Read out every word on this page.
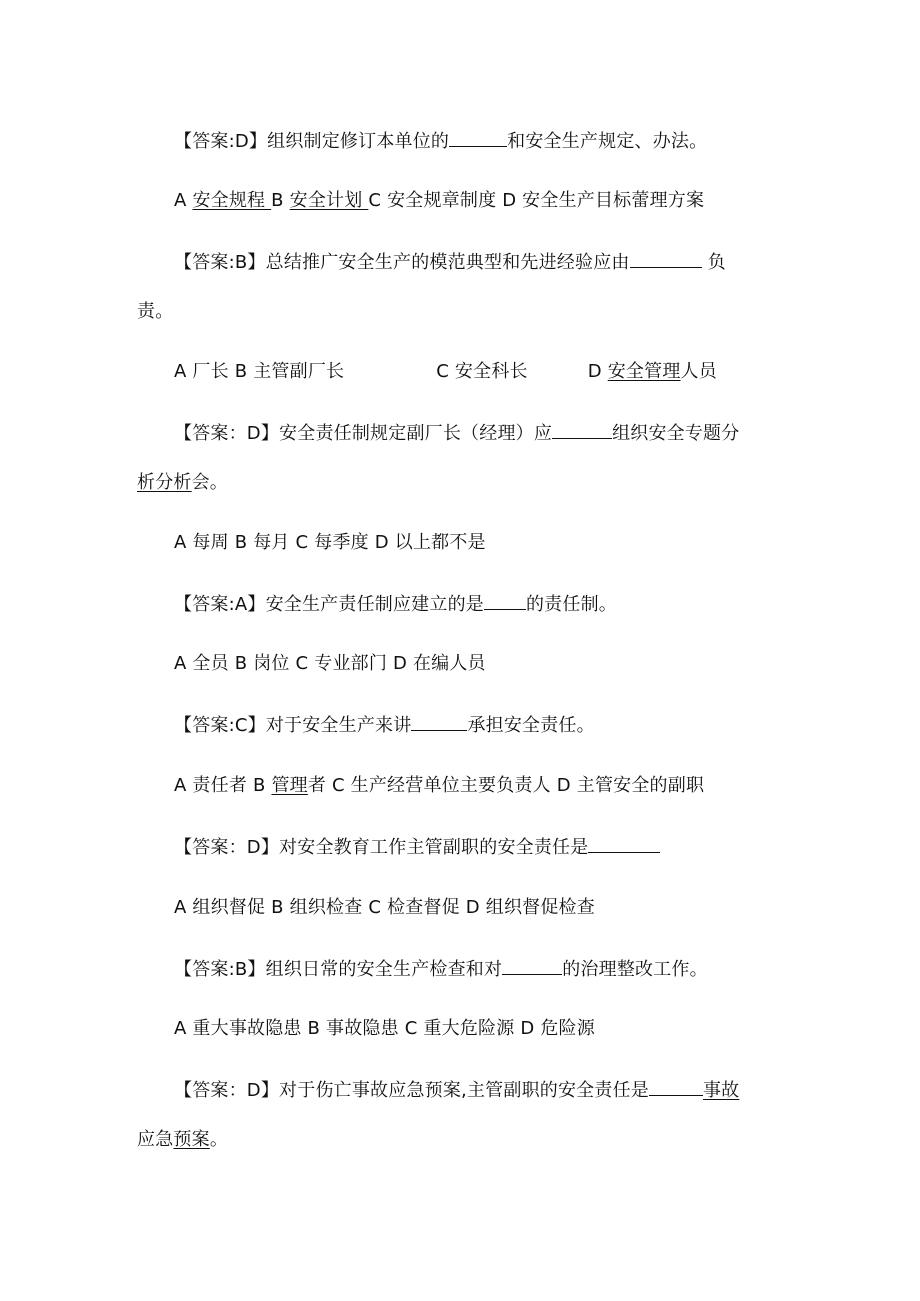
【答案:D】组织制定修订本单位的	和安全生产规定、办法。
A 安全规程 B 安全计划 C 安全规章制度 D 安全生产目标蕾理方案
【答案:B】总结推广安全生产的模范典型和先进经验应由	负
责。
A 厂长 B 主管副厂长	C 安全科长	D 安全管理人员
【答案：D】安全责任制规定副厂长（经理）应	组织安全专题分
析分析会。
A 每周 B 每月 C 每季度 D 以上都不是
【答案:A】安全生产责任制应建立的是 的责任制。
A 全员 B 岗位 C 专业部门 D 在编人员
【答案:C】对于安全生产来讲	承担安全责任。
A 责任者 B 管理者 C 生产经营单位主要负责人 D 主管安全的副职
【答案：D】对安全教育工作主管副职的安全责任是
A 组织督促 B 组织检查 C 检查督促 D 组织督促检查
【答案:B】组织日常的安全生产检查和对	的治理整改工作。
A 重大事故隐患 B 事故隐患 C 重大危险源 D 危险源
【答案：D】对于伤亡事故应急预案,主管副职的安全责任是	事故
应急预案。
